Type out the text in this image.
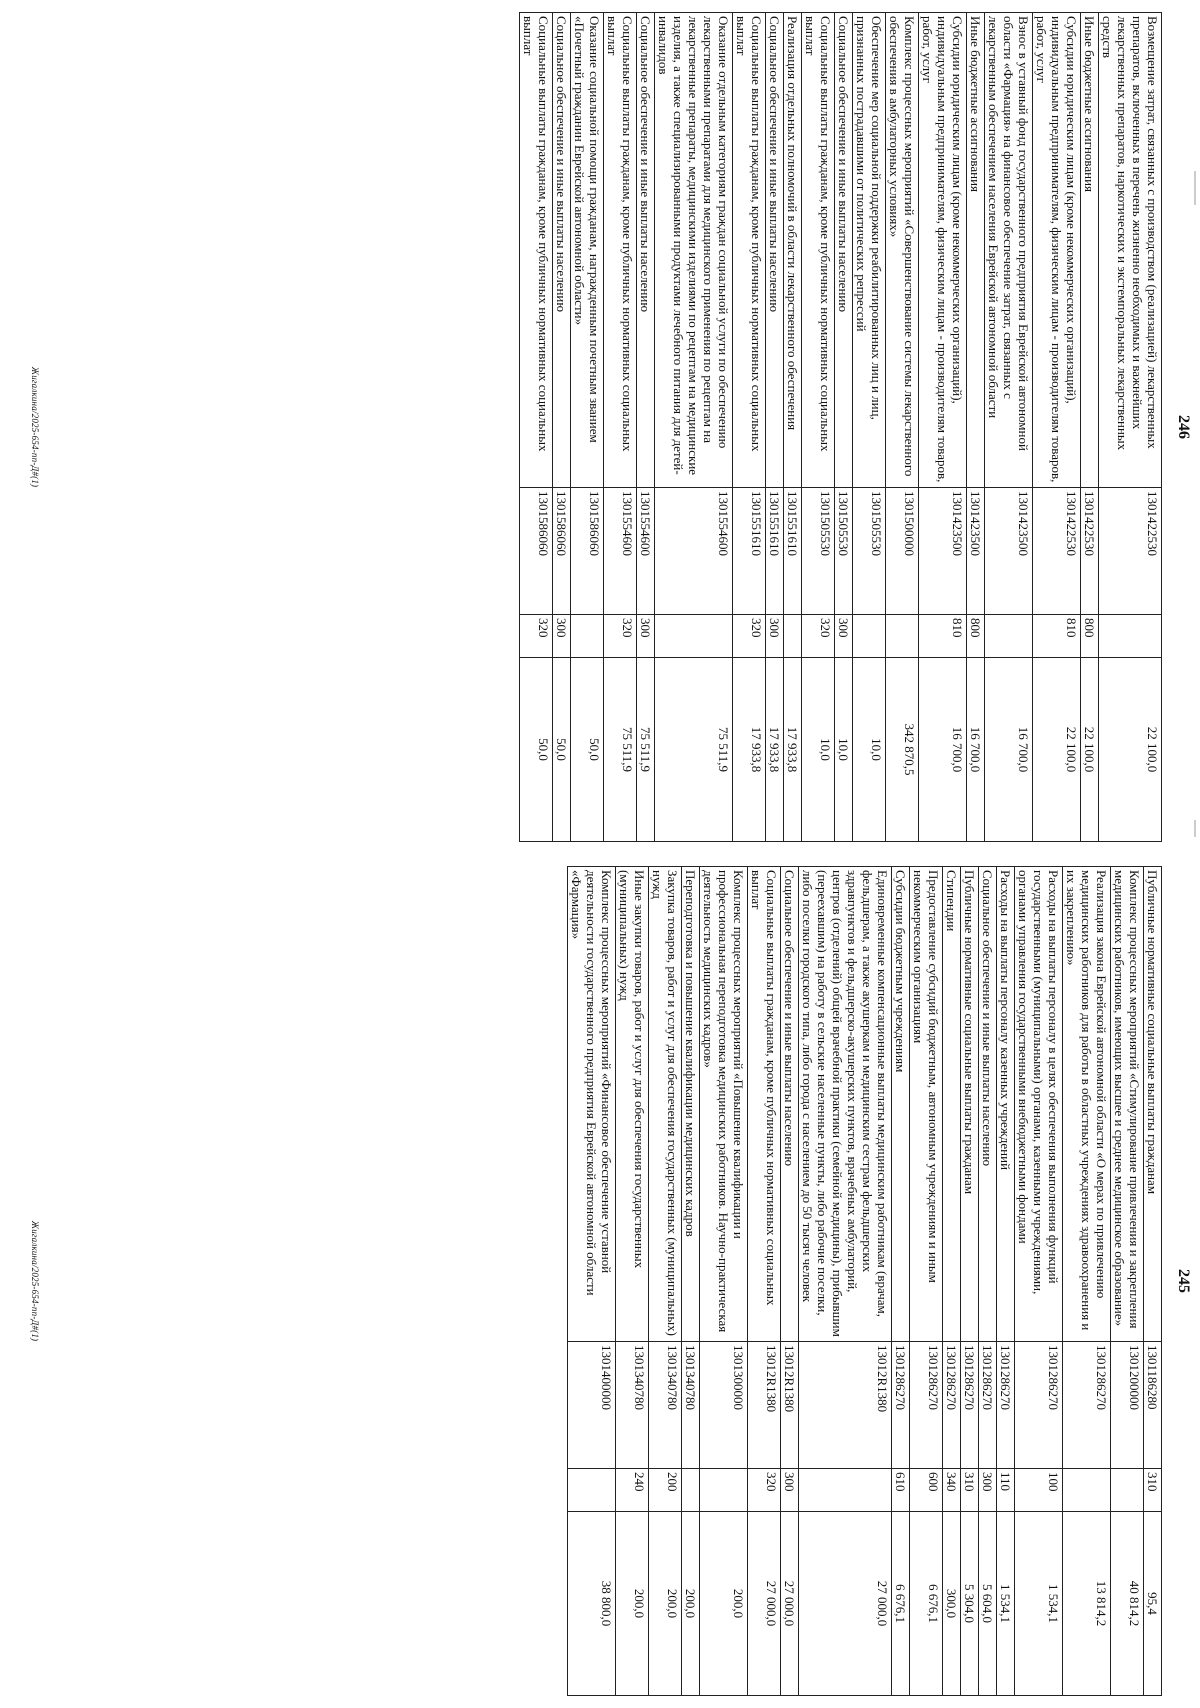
246
Возмещение затрат, связанных с производством (реализацией) лекарственных препаратов, включенных в перечень жизненно необходимых и важнейших лекарственных препаратов, наркотических и экстемпоральных лекарственных средств	1301422530		22 100,0
Иные бюджетные ассигнования	1301422530	800	22 100,0
Субсидии юридическим лицам (кроме некоммерческих организаций), индивидуальным предпринимателям, физическим лицам - производителям товаров, работ, услуг	1301422530	810	22 100,0
Взнос в уставный фонд государственного предприятия Еврейской автономной области «Фармация» на финансовое обеспечение затрат, связанных с лекарственным обеспечением населения Еврейской автономной области	1301423500		16 700,0
Иные бюджетные ассигнования	1301423500	800	16 700,0
Субсидии юридическим лицам (кроме некоммерческих организаций), индивидуальным предпринимателям, физическим лицам - производителям товаров, работ, услуг	1301423500	810	16 700,0
Комплекс процессных мероприятий «Совершенствование системы лекарственного обеспечения в амбулаторных условиях»	1301500000		342 870,5
Обеспечение мер социальной поддержки реабилитированных лиц и лиц, признанных пострадавшими от политических репрессий	1301505530		10,0
Социальное обеспечение и иные выплаты населению	1301505530	300	10,0
Социальные выплаты гражданам, кроме публичных нормативных социальных выплат	1301505530	320	10,0
Реализация отдельных полномочий в области лекарственного обеспечения	1301551610		17 933,8
Социальное обеспечение и иные выплаты населению	1301551610	300	17 933,8
Социальные выплаты гражданам, кроме публичных нормативных социальных выплат	1301551610	320	17 933,8
Оказание отдельным категориям граждан социальной услуги по обеспечению лекарственными препаратами для медицинского применения по рецептам на лекарственные препараты, медицинскими изделиями по рецептам на медицинские изделия, а также специализированными продуктами лечебного питания для детей-инвалидов	1301554600		75 511,9
Социальное обеспечение и иные выплаты населению	1301554600	300	75 511,9
Социальные выплаты гражданам, кроме публичных нормативных социальных выплат	1301554600	320	75 511,9
Оказание социальной помощи гражданам, награжденным почетным званием «Почетный гражданин Еврейской автономной области»	1301586060		50,0
Социальное обеспечение и иные выплаты населению	1301586060	300	50,0
Социальные выплаты гражданам, кроме публичных нормативных социальных выплат	1301586060	320	50,0
Жигалкина/2025-654-пп-Д#(1)
245
Публичные нормативные социальные выплаты гражданам	1301186280	310	95,4
Комплекс процессных мероприятий «Стимулирование привлечения и закрепления медицинских работников, имеющих высшее и среднее медицинское образование»	1301200000		40 814,2
Реализация закона Еврейской автономной области «О мерах по привлечению медицинских работников для работы в областных учреждениях здравоохранения и их закреплению»	1301286270		13 814,2
Расходы на выплаты персоналу в целях обеспечения выполнения функций государственными (муниципальными) органами, казенными учреждениями, органами управления государственными внебюджетными фондами	1301286270	100	1 534,1
Расходы на выплаты персоналу казенных учреждений	1301286270	110	1 534,1
Социальное обеспечение и иные выплаты населению	1301286270	300	5 604,0
Публичные нормативные социальные выплаты гражданам	1301286270	310	5 304,0
Стипендии	1301286270	340	300,0
Предоставление субсидий бюджетным, автономным учреждениям и иным некоммерческим организациям	1301286270	600	6 676,1
Субсидии бюджетным учреждениям	1301286270	610	6 676,1
Единовременные компенсационные выплаты медицинским работникам (врачам, фельдшерам, а также акушеркам и медицинским сестрам фельдшерских здравпунктов и фельдшерско-акушерских пунктов, врачебных амбулаторий, центров (отделений) общей врачебной практики (семейной медицины), прибывшим (переехавшим) на работу в сельские населенные пункты, либо рабочие поселки, либо поселки городского типа, либо города с населением до 50 тысяч человек	13012R1380		27 000,0
Социальное обеспечение и иные выплаты населению	13012R1380	300	27 000,0
Социальные выплаты гражданам, кроме публичных нормативных социальных выплат	13012R1380	320	27 000,0
Комплекс процессных мероприятий «Повышение квалификации и профессиональная переподготовка медицинских работников. Научно-практическая деятельность медицинских кадров»	1301300000		200,0
Переподготовка и повышение квалификации медицинских кадров	1301340780		200,0
Закупка товаров, работ и услуг для обеспечения государственных (муниципальных) нужд	1301340780	200	200,0
Иные закупки товаров, работ и услуг для обеспечения государственных (муниципальных) нужд	1301340780	240	200,0
Комплекс процессных мероприятий «Финансовое обеспечение уставной деятельности государственного предприятия Еврейской автономной области «Фармация»	1301400000		38 800,0
Жигалкина/2025-654-пп-Д#(1)
